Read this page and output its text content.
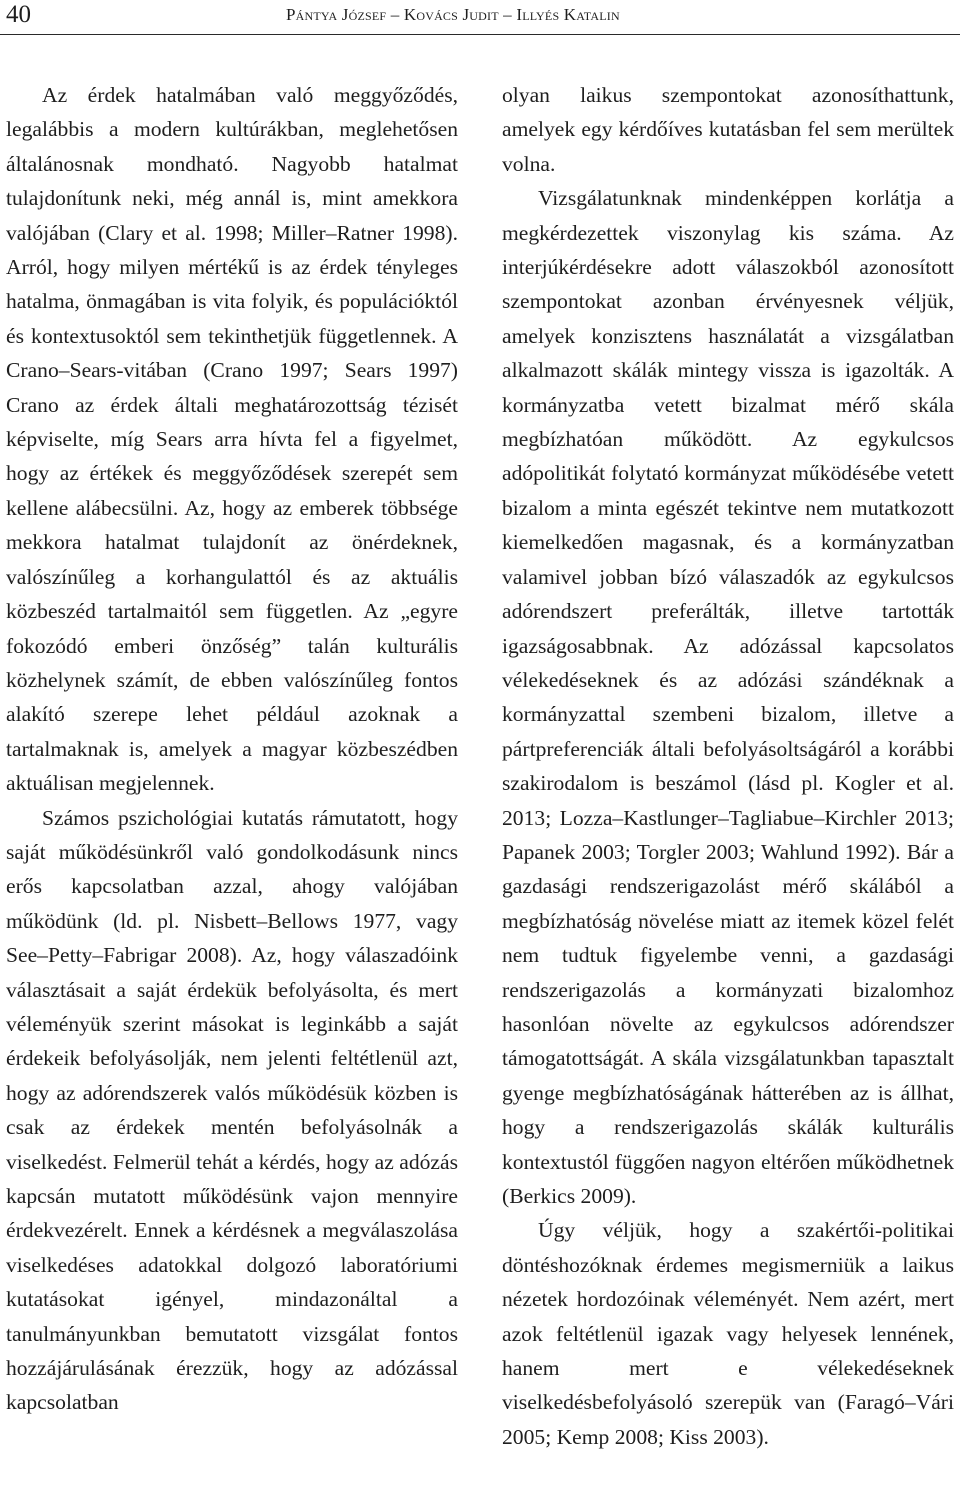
40	Pántya József – Kovács Judit – Illyés Katalin

Az érdek hatalmában való meggyőződés, legalábbis a modern kultúrákban, meglehetősen általánosnak mondható. Nagyobb hatalmat tulajdonítunk neki, még annál is, mint amekkora valójában (Clary et al. 1998; Miller–Ratner 1998). Arról, hogy milyen mértékű is az érdek tényleges hatalma, önmagában is vita folyik, és populációktól és kontextusoktól sem tekinthetjük függetlennek. A Crano–Sears-vitában (Crano 1997; Sears 1997) Crano az érdek általi meghatározottság tézisét képviselte, míg Sears arra hívta fel a figyelmet, hogy az értékek és meggyőződések szerepét sem kellene alábecsülni. Az, hogy az emberek többsége mekkora hatalmat tulajdonít az önérdeknek, valószínűleg a korhangulattól és az aktuális közbeszéd tartalmaitól sem független. Az „egyre fokozódó emberi önzőség” talán kulturális közhelynek számít, de ebben valószínűleg fontos alakító szerepe lehet például azoknak a tartalmaknak is, amelyek a magyar közbeszédben aktuálisan megjelennek.

Számos pszichológiai kutatás rámutatott, hogy saját működésünkről való gondolkodásunk nincs erős kapcsolatban azzal, ahogy valójában működünk (ld. pl. Nisbett–Bellows 1977, vagy See–Petty–Fabrigar 2008). Az, hogy válaszadóink választásait a saját érdekük befolyásolta, és mert véleményük szerint másokat is leginkább a saját érdekeik befolyásolják, nem jelenti feltétlenül azt, hogy az adórendszerek valós működésük közben is csak az érdekek mentén befolyásolnák a viselkedést. Felmerül tehát a kérdés, hogy az adózás kapcsán mutatott működésünk vajon mennyire érdekvezérelt. Ennek a kérdésnek a megválaszolása viselkedéses adatokkal dolgozó laboratóriumi kutatásokat igényel, mindazonáltal a tanulmányunkban bemutatott vizsgálat fontos hozzájárulásának érezzük, hogy az adózással kapcsolatban

olyan laikus szempontokat azonosíthattunk, amelyek egy kérdőíves kutatásban fel sem merültek volna.

Vizsgálatunknak mindenképpen korlátja a megkérdezettek viszonylag kis száma. Az interjúkérdésekre adott válaszokból azonosított szempontokat azonban érvényesnek véljük, amelyek konzisztens használatát a vizsgálatban alkalmazott skálák mintegy vissza is igazolták. A kormányzatba vetett bizalmat mérő skála megbízhatóan működött. Az egykulcsos adópolitikát folytató kormányzat működésébe vetett bizalom a minta egészét tekintve nem mutatkozott kiemelkedően magasnak, és a kormányzatban valamivel jobban bízó válaszadók az egykulcsos adórendszert preferálták, illetve tartották igazságosabbnak. Az adózással kapcsolatos vélekedéseknek és az adózási szándéknak a kormányzattal szembeni bizalom, illetve a pártpreferenciák általi befolyásoltságáról a korábbi szakirodalom is beszámol (lásd pl. Kogler et al. 2013; Lozza–Kastlunger–Tagliabue–Kirchler 2013; Papanek 2003; Torgler 2003; Wahlund 1992). Bár a gazdasági rendszerigazolást mérő skálából a megbízhatóság növelése miatt az itemek közel felét nem tudtuk figyelembe venni, a gazdasági rendszerigazolás a kormányzati bizalomhoz hasonlóan növelte az egykulcsos adórendszer támogatottságát. A skála vizsgálatunkban tapasztalt gyenge megbízhatóságának hátterében az is állhat, hogy a rendszerigazolás skálák kulturális kontextustól függően nagyon eltérően működhetnek (Berkics 2009).

Úgy véljük, hogy a szakértői-politikai döntéshozóknak érdemes megismerniük a laikus nézetek hordozóinak véleményét. Nem azért, mert azok feltétlenül igazak vagy helyesek lennének, hanem mert e vélekedéseknek viselkedésbefolyásoló szerepük van (Faragó–Vári 2005; Kemp 2008; Kiss 2003).
